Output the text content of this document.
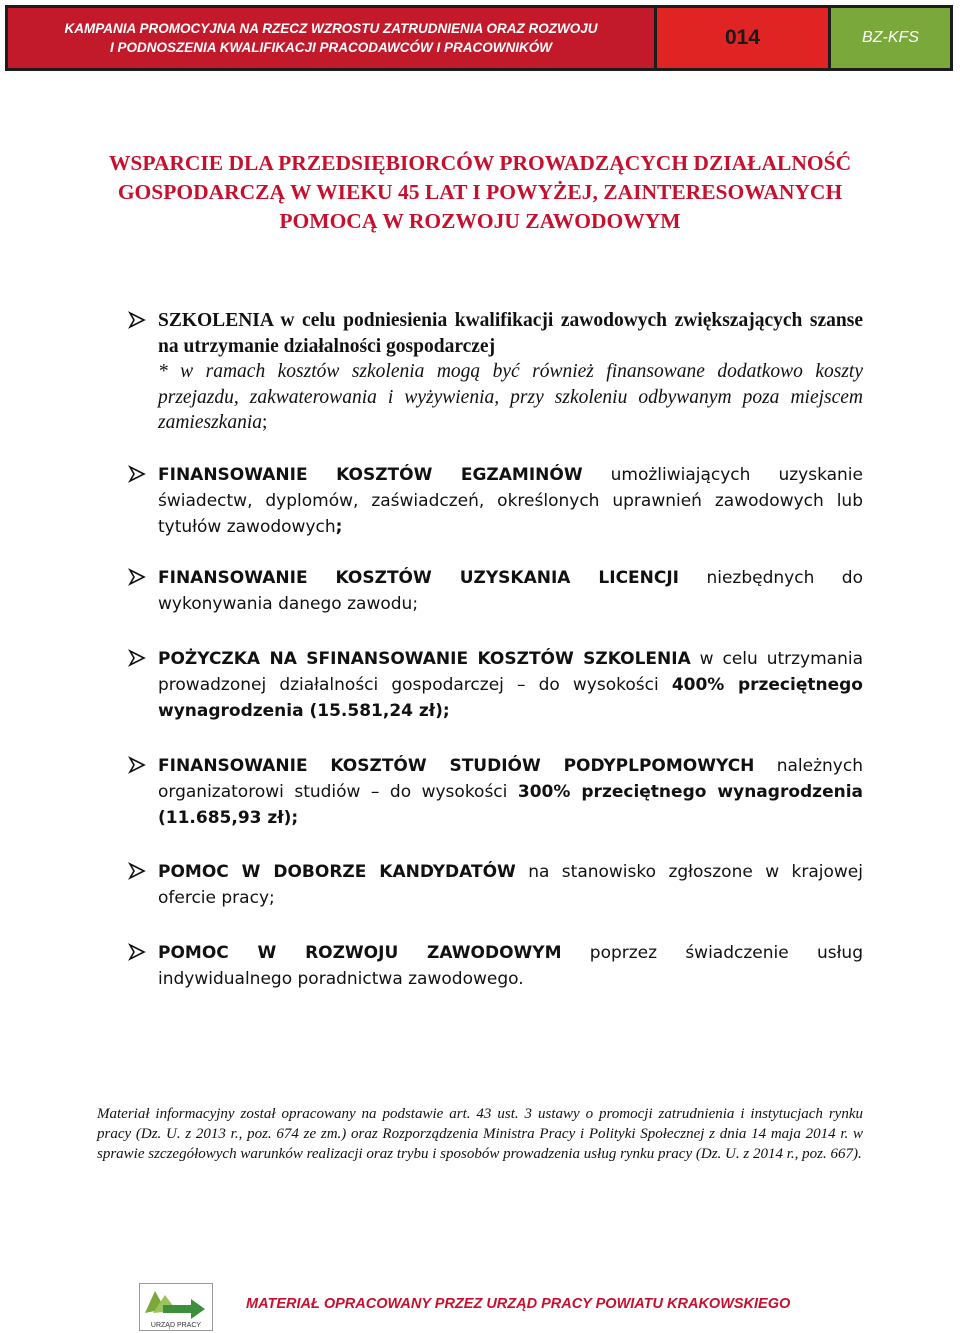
KAMPANIA PROMOCYJNA NA RZECZ WZROSTU ZATRUDNIENIA ORAZ ROZWOJU
I PODNOSZENIA KWALIFIKACJI PRACODAWCÓW I PRACOWNIKÓW	014	BZ-KFS
WSPARCIE DLA PRZEDSIĘBIORCÓW PROWADZĄCYCH DZIAŁALNOŚĆ GOSPODARCZĄ W WIEKU 45 LAT I POWYŻEJ, ZAINTERESOWANYCH POMOCĄ W ROZWOJU ZAWODOWYM
SZKOLENIA w celu podniesienia kwalifikacji zawodowych zwiększających szanse na utrzymanie działalności gospodarczej
* w ramach kosztów szkolenia mogą być również finansowane dodatkowo koszty przejazdu, zakwaterowania i wyżywienia, przy szkoleniu odbywanym poza miejscem zamieszkania;
FINANSOWANIE KOSZTÓW EGZAMINÓW umożliwiających uzyskanie świadectw, dyplomów, zaświadczeń, określonych uprawnień zawodowych lub tytułów zawodowych;
FINANSOWANIE KOSZTÓW UZYSKANIA LICENCJI niezbędnych do wykonywania danego zawodu;
POŻYCZKA NA SFINANSOWANIE KOSZTÓW SZKOLENIA w celu utrzymania prowadzonej działalności gospodarczej – do wysokości 400% przeciętnego wynagrodzenia (15.581,24 zł);
FINANSOWANIE KOSZTÓW STUDIÓW PODYPLPOMOWYCH należnych organizatorowi studiów – do wysokości 300% przeciętnego wynagrodzenia (11.685,93 zł);
POMOC W DOBORZE KANDYDATÓW na stanowisko zgłoszone w krajowej ofercie pracy;
POMOC W ROZWOJU ZAWODOWYM poprzez świadczenie usług indywidualnego poradnictwa zawodowego.
Materiał informacyjny został opracowany na podstawie art. 43 ust. 3 ustawy o promocji zatrudnienia i instytucjach rynku pracy (Dz. U. z 2013 r., poz. 674 ze zm.) oraz Rozporządzenia Ministra Pracy i Polityki Społecznej z dnia 14 maja 2014 r. w sprawie szczegółowych warunków realizacji oraz trybu i sposobów prowadzenia usług rynku pracy (Dz. U. z 2014 r., poz. 667).
URZĄD PRACY
MATERIAŁ OPRACOWANY PRZEZ URZĄD PRACY POWIATU KRAKOWSKIEGO
